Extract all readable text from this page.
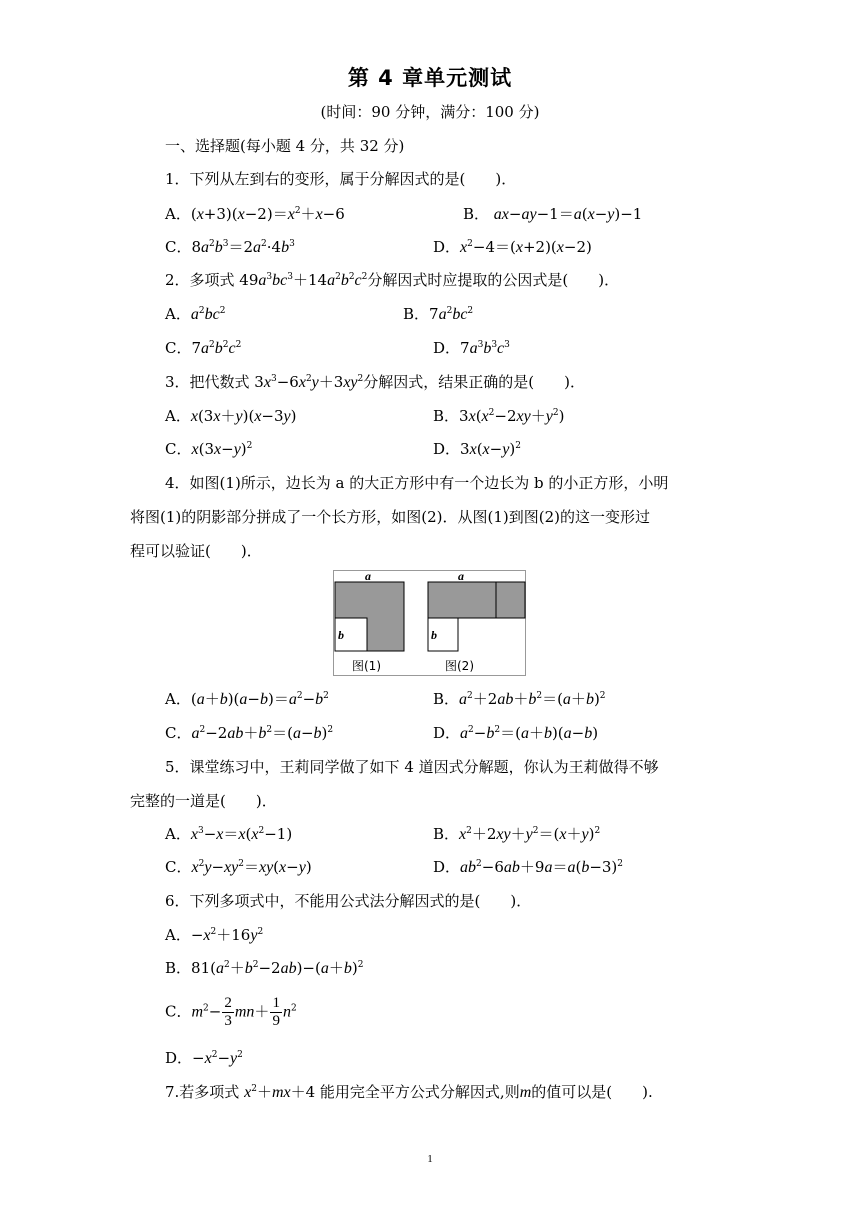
第 4 章单元测试
(时间：90 分钟，满分：100 分)
一、选择题(每小题 4 分，共 32 分)
1．下列从左到右的变形，属于分解因式的是(　　)．
A．$(x+3)(x-2)=x^2+x-6$	B． ax−ay−1＝a(x−y)−1
C．$8a^2b^3=2a^2\cdot 4b^3$	D．$x^2-4=(x+2)(x-2)$
2．多项式 $49a^3bc^3+14a^2b^2c^2$分解因式时应提取的公因式是(　　)．
A．$a^2bc^2$	B．$7a^2bc^2$
C．$7a^2b^2c^2$	D．$7a^3b^3c^3$
3．把代数式 $3x^3-6x^2y+3xy^2$分解因式，结果正确的是(　　)．
A．x(3x＋y)(x−3y)	B．$3x(x^2-2xy+y^2)$
C．$x(3x-y)^2$	D．$3x(x-y)^2$
4．如图(1)所示，边长为 a 的大正方形中有一个边长为 b 的小正方形，小明
将图(1)的阴影部分拼成了一个长方形，如图(2)．从图(1)到图(2)的这一变形过
程可以验证(　　)．
a	a
b	b
图(1)	图(2)
A．$(a+b)(a-b)=a^2-b^2$	B．$a^2+2ab+b^2=(a+b)^2$
C．$a^2-2ab+b^2=(a-b)^2$	D．$a^2-b^2=(a+b)(a-b)$
5．课堂练习中，王莉同学做了如下 4 道因式分解题，你认为王莉做得不够
完整的一道是(　　)．
A．$x^3-x=x(x^2-1)$	B．$x^2+2xy+y^2=(x+y)^2$
C．$x^2y-xy^2=xy(x-y)$	D．$ab^2-6ab+9a=a(b-3)^2$
6．下列多项式中，不能用公式法分解因式的是(　　)．
A．$-x^2+16y^2$
B．$81(a^2+b^2-2ab)-(a+b)^2$
C．$m^2- \frac{2}{3} mn+ \frac{1}{9} n^2$
D．$-x^2-y^2$
7.若多项式 $x^2+mx+4$ 能用完全平方公式分解因式,则m的值可以是(　　).
1
